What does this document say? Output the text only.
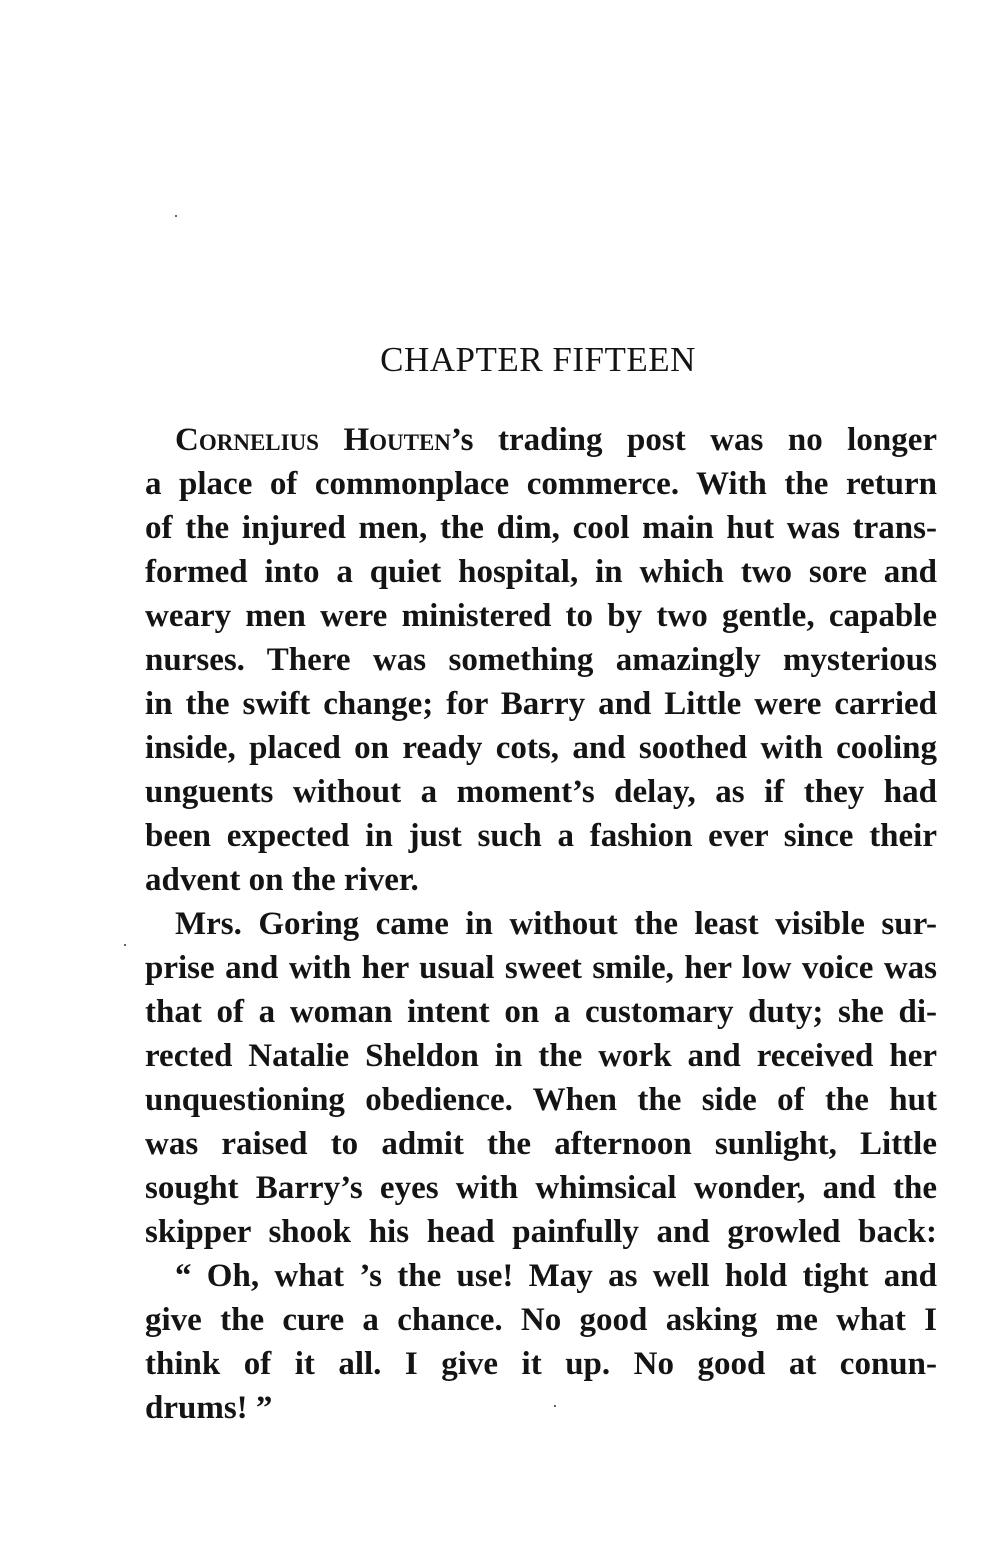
CHAPTER FIFTEEN
Cornelius Houten’s trading post was no longer
a place of commonplace commerce. With the return
of the injured men, the dim, cool main hut was trans-
formed into a quiet hospital, in which two sore and
weary men were ministered to by two gentle, capable
nurses. There was something amazingly mysterious
in the swift change; for Barry and Little were carried
inside, placed on ready cots, and soothed with cooling
unguents without a moment’s delay, as if they had
been expected in just such a fashion ever since their
advent on the river.
Mrs. Goring came in without the least visible sur-
prise and with her usual sweet smile, her low voice was
that of a woman intent on a customary duty; she di-
rected Natalie Sheldon in the work and received her
unquestioning obedience. When the side of the hut
was raised to admit the afternoon sunlight, Little
sought Barry’s eyes with whimsical wonder, and the
skipper shook his head painfully and growled back:
“ Oh, what ’s the use! May as well hold tight and
give the cure a chance. No good asking me what I
think of it all. I give it up. No good at conun-
drums! ”
